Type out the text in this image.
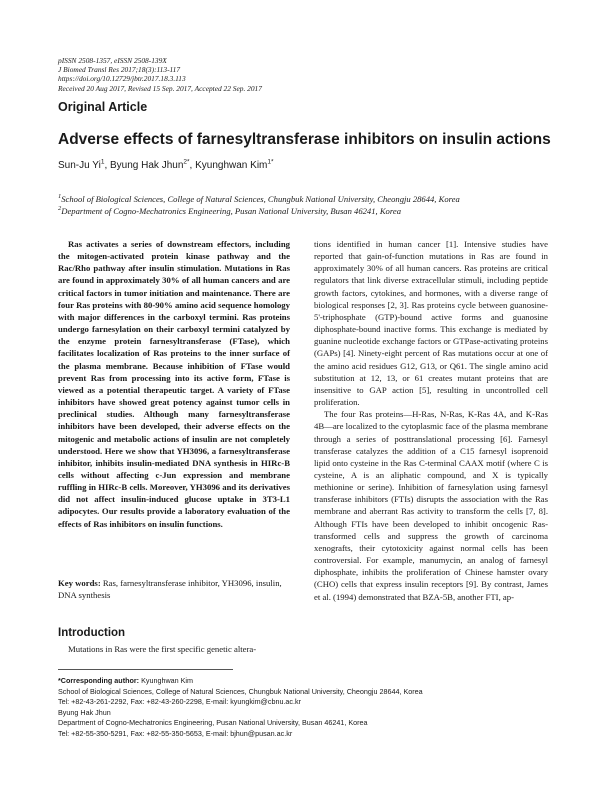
pISSN 2508-1357, eISSN 2508-139X
J Biomed Transl Res 2017;18(3):113-117
https://doi.org/10.12729/jbtr.2017.18.3.113
Received 20 Aug 2017, Revised 15 Sep. 2017, Accepted 22 Sep. 2017
Original Article
Adverse effects of farnesyltransferase inhibitors on insulin actions
Sun-Ju Yi$^1$, Byung Hak Jhun$^{2*}$, Kyunghwan Kim$^{1*}$
$^1$School of Biological Sciences, College of Natural Sciences, Chungbuk National University, Cheongju 28644, Korea
$^2$Department of Cogno-Mechatronics Engineering, Pusan National University, Busan 46241, Korea
Ras activates a series of downstream effectors, including the mitogen-activated protein kinase pathway and the Rac/Rho pathway after insulin stimulation. Mutations in Ras are found in approximately 30% of all human cancers and are critical factors in tumor initiation and maintenance. There are four Ras proteins with 80-90% amino acid sequence homology with major differences in the carboxyl termini. Ras proteins undergo farnesylation on their carboxyl termini catalyzed by the enzyme protein farnesyltransferase (FTase), which facilitates localization of Ras proteins to the inner surface of the plasma membrane. Because inhibition of FTase would prevent Ras from processing into its active form, FTase is viewed as a potential therapeutic target. A variety of FTase inhibitors have showed great potency against tumor cells in preclinical studies. Although many farnesyltransferase inhibitors have been developed, their adverse effects on the mitogenic and metabolic actions of insulin are not completely understood. Here we show that YH3096, a farnesyltransferase inhibitor, inhibits insulin-mediated DNA synthesis in HIRc-B cells without affecting c-Jun expression and membrane ruffling in HIRc-B cells. Moreover, YH3096 and its derivatives did not affect insulin-induced glucose uptake in 3T3-L1 adipocytes. Our results provide a laboratory evaluation of the effects of Ras inhibitors on insulin functions.
Key words: Ras, farnesyltransferase inhibitor, YH3096, insulin, DNA synthesis
Introduction
Mutations in Ras were the first specific genetic altera-
tions identified in human cancer [1]. Intensive studies have reported that gain-of-function mutations in Ras are found in approximately 30% of all human cancers. Ras proteins are critical regulators that link diverse extracellular stimuli, including peptide growth factors, cytokines, and hormones, with a diverse range of biological responses [2, 3]. Ras proteins cycle between guanosine-5'-triphosphate (GTP)-bound active forms and guanosine diphosphate-bound inactive forms. This exchange is mediated by guanine nucleotide exchange factors or GTPase-activating proteins (GAPs) [4]. Ninety-eight percent of Ras mutations occur at one of the amino acid residues G12, G13, or Q61. The single amino acid substitution at 12, 13, or 61 creates mutant proteins that are insensitive to GAP action [5], resulting in uncontrolled cell proliferation.
The four Ras proteins—H-Ras, N-Ras, K-Ras 4A, and K-Ras 4B—are localized to the cytoplasmic face of the plasma membrane through a series of posttranslational processing [6]. Farnesyl transferase catalyzes the addition of a C15 farnesyl isoprenoid lipid onto cysteine in the Ras C-terminal CAAX motif (where C is cysteine, A is an aliphatic compound, and X is typically methionine or serine). Inhibition of farnesylation using farnesyl transferase inhibitors (FTIs) disrupts the association with the Ras membrane and aberrant Ras activity to transform the cells [7, 8]. Although FTIs have been developed to inhibit oncogenic Ras-transformed cells and suppress the growth of carcinoma xenografts, their cytotoxicity against normal cells has been controversial. For example, manumycin, an analog of farnesyl diphosphate, inhibits the proliferation of Chinese hamster ovary (CHO) cells that express insulin receptors [9]. By contrast, James et al. (1994) demonstrated that BZA-5B, another FTI, ap-
*Corresponding author: Kyunghwan Kim
School of Biological Sciences, College of Natural Sciences, Chungbuk National University, Cheongju 28644, Korea
Tel: +82-43-261-2292, Fax: +82-43-260-2298, E-mail: kyungkim@cbnu.ac.kr
Byung Hak Jhun
Department of Cogno-Mechatronics Engineering, Pusan National University, Busan 46241, Korea
Tel: +82-55-350-5291, Fax: +82-55-350-5653, E-mail: bjhun@pusan.ac.kr
